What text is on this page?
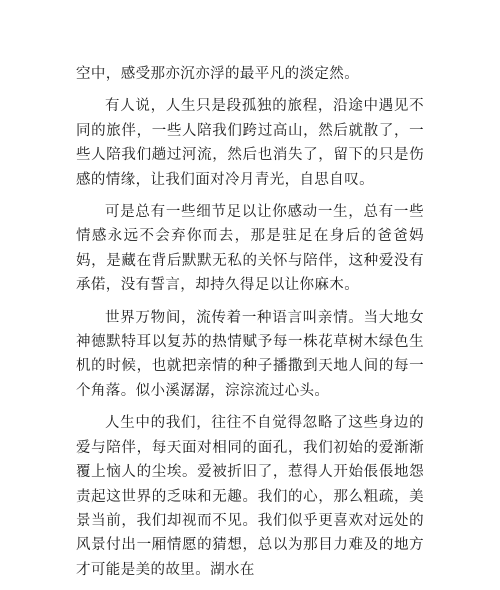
空中，感受那亦沉亦浮的最平凡的淡定然。

有人说，人生只是段孤独的旅程，沿途中遇见不同的旅伴，一些人陪我们跨过高山，然后就散了，一些人陪我们趟过河流，然后也消失了，留下的只是伤感的情缘，让我们面对冷月青光，自思自叹。

可是总有一些细节足以让你感动一生，总有一些情感永远不会弃你而去，那是驻足在身后的爸爸妈妈，是藏在背后默默无私的关怀与陪伴，这种爱没有承偌，没有誓言，却持久得足以让你麻木。

世界万物间，流传着一种语言叫亲情。当大地女神德默特耳以复苏的热情赋予每一株花草树木绿色生机的时候，也就把亲情的种子播撒到天地人间的每一个角落。似小溪潺潺，淙淙流过心头。

人生中的我们，往往不自觉得忽略了这些身边的爱与陪伴，每天面对相同的面孔，我们初始的爱渐渐覆上恼人的尘埃。爱被折旧了，惹得人开始倀倀地怨责起这世界的乏味和无趣。我们的心，那么粗疏，美景当前，我们却视而不见。我们似乎更喜欢对远处的风景付出一厢情愿的猜想，总以为那目力难及的地方才可能是美的故里。湖水在
